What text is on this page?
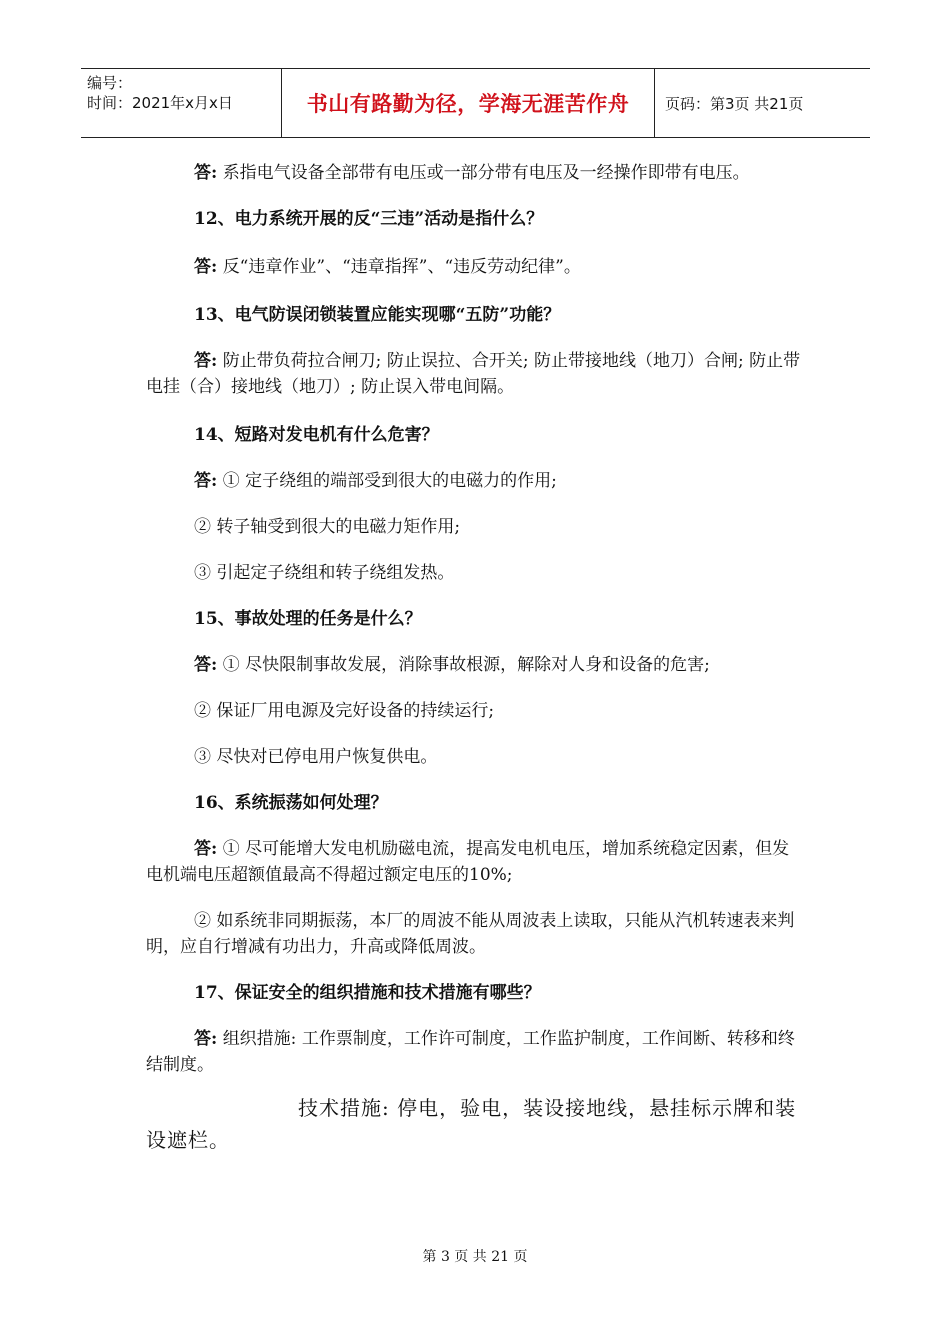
编号：
时间：2021年x月x日	书山有路勤为径，学海无涯苦作舟	页码：第3页 共21页

答: 系指电气设备全部带有电压或一部分带有电压及一经操作即带有电压。

12、电力系统开展的反“三违”活动是指什么？

答: 反“违章作业”、“违章指挥”、“违反劳动纪律”。

13、电气防误闭锁装置应能实现哪“五防”功能？

答: 防止带负荷拉合闸刀; 防止误拉、合开关; 防止带接地线（地刀）合闸; 防止带电挂（合）接地线（地刀）; 防止误入带电间隔。

14、短路对发电机有什么危害？

答: ① 定子绕组的端部受到很大的电磁力的作用;

② 转子轴受到很大的电磁力矩作用;

③ 引起定子绕组和转子绕组发热。

15、事故处理的任务是什么？

答: ① 尽快限制事故发展，消除事故根源，解除对人身和设备的危害;

② 保证厂用电源及完好设备的持续运行;

③ 尽快对已停电用户恢复供电。

16、系统振荡如何处理？

答: ① 尽可能增大发电机励磁电流，提高发电机电压，增加系统稳定因素，但发电机端电压超额值最高不得超过额定电压的10%;

② 如系统非同期振荡，本厂的周波不能从周波表上读取，只能从汽机转速表来判明，应自行增减有功出力，升高或降低周波。

17、保证安全的组织措施和技术措施有哪些？

答: 组织措施: 工作票制度，工作许可制度，工作监护制度，工作间断、转移和终结制度。

技术措施: 停电，验电，装设接地线，悬挂标示牌和装设遮栏。

第 3 页 共 21 页
